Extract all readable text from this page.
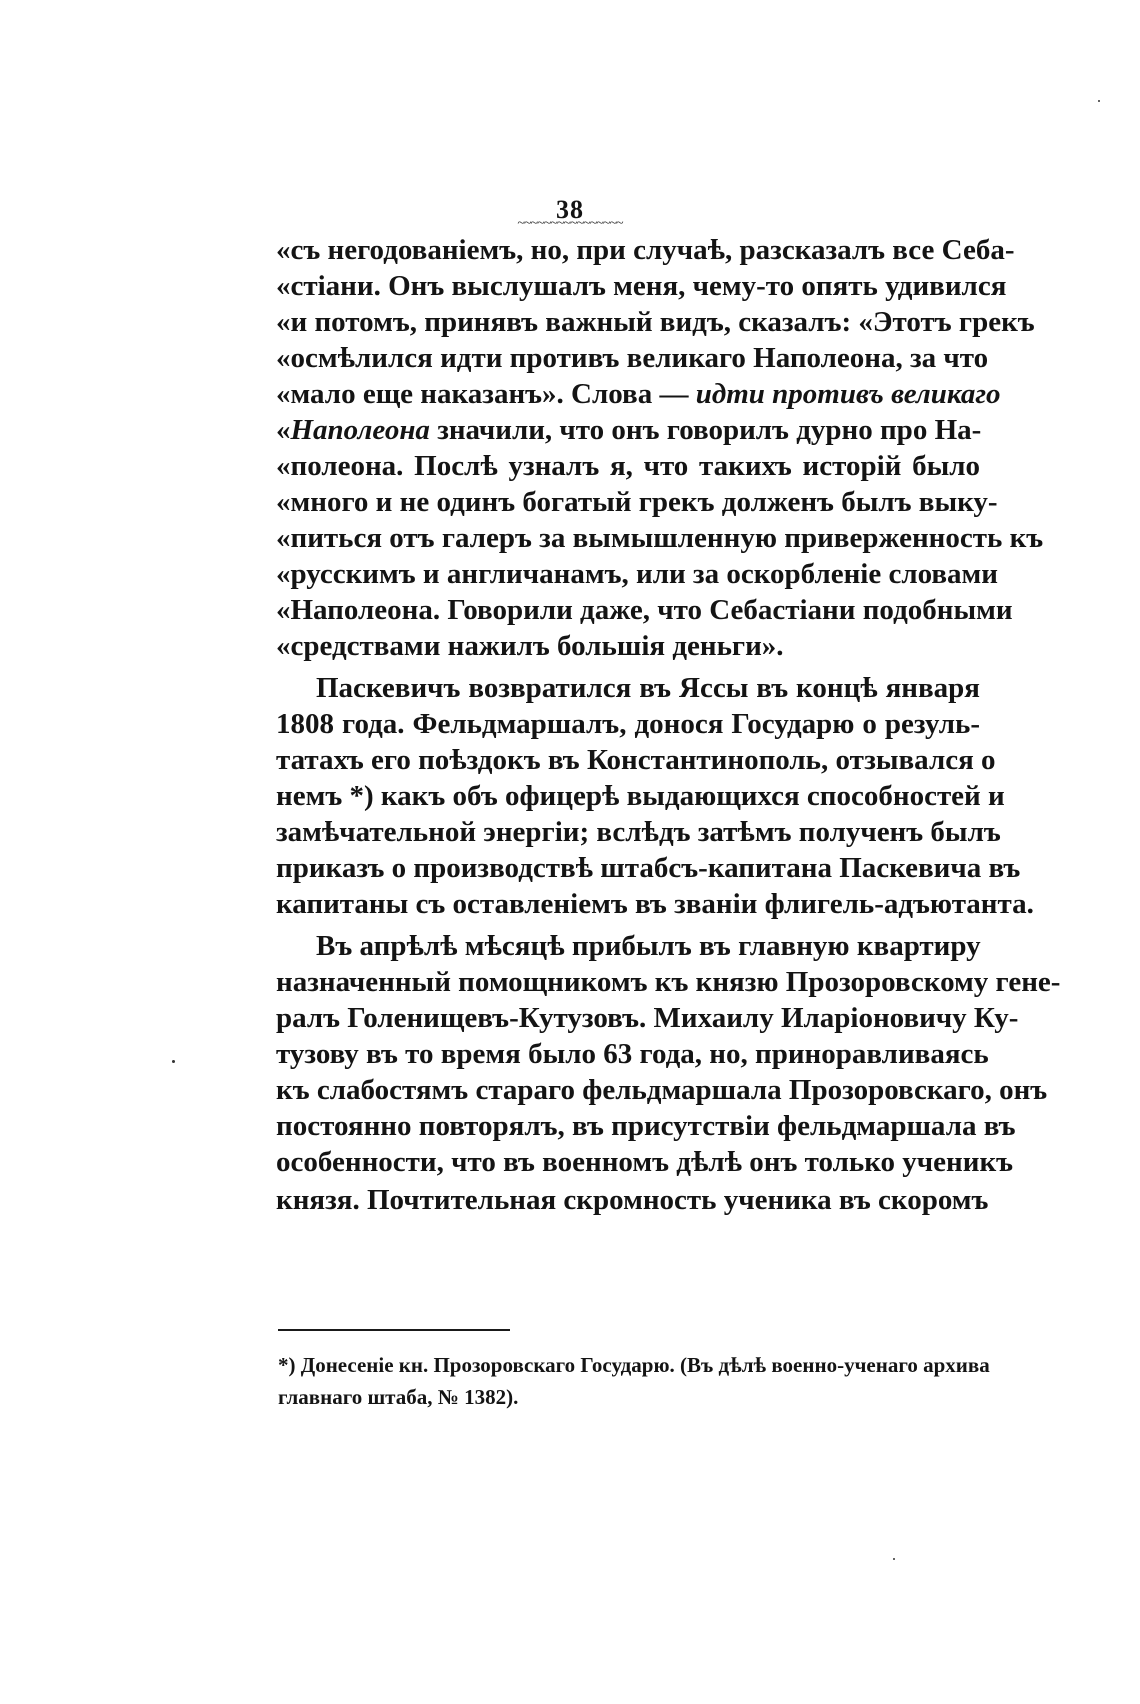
38
~~~~~~~~~~~~~~~~
«съ негодованіемъ, но, при случаѣ, разсказалъ все Себа-
«стіани. Онъ выслушалъ меня, чему-то опять удивился
«и потомъ, принявъ важный видъ, сказалъ: «Этотъ грекъ
«осмѣлился идти противъ великаго Наполеона, за что
«мало еще наказанъ». Слова — идти противъ великаго
«Наполеона значили, что онъ говорилъ дурно про На-
«полеона. Послѣ узналъ я, что такихъ исторій было
«много и не одинъ богатый грекъ долженъ былъ выку-
«питься отъ галеръ за вымышленную приверженность къ
«русскимъ и англичанамъ, или за оскорбленіе словами
«Наполеона. Говорили даже, что Себастіани подобными
«средствами нажилъ большія деньги».
Паскевичъ возвратился въ Яссы въ концѣ января
1808 года. Фельдмаршалъ, донося Государю о резуль-
татахъ его поѣздокъ въ Константинополь, отзывался о
немъ *) какъ объ офицерѣ выдающихся способностей и
замѣчательной энергіи; вслѣдъ затѣмъ полученъ былъ
приказъ о производствѣ штабсъ-капитана Паскевича въ
капитаны съ оставленіемъ въ званіи флигель-адъютанта.
Въ апрѣлѣ мѣсяцѣ прибылъ въ главную квартиру
назначенный помощникомъ къ князю Прозоровскому гене-
ралъ Голенищевъ-Кутузовъ. Михаилу Иларіоновичу Ку-
тузову въ то время было 63 года, но, приноравливаясь
къ слабостямъ стараго фельдмаршала Прозоровскаго, онъ
постоянно повторялъ, въ присутствіи фельдмаршала въ
особенности, что въ военномъ дѣлѣ онъ только ученикъ
князя. Почтительная скромность ученика въ скоромъ
*) Донесеніе кн. Прозоровскаго Государю. (Въ дѣлѣ военно-ученаго архива
главнаго штаба, № 1382).
